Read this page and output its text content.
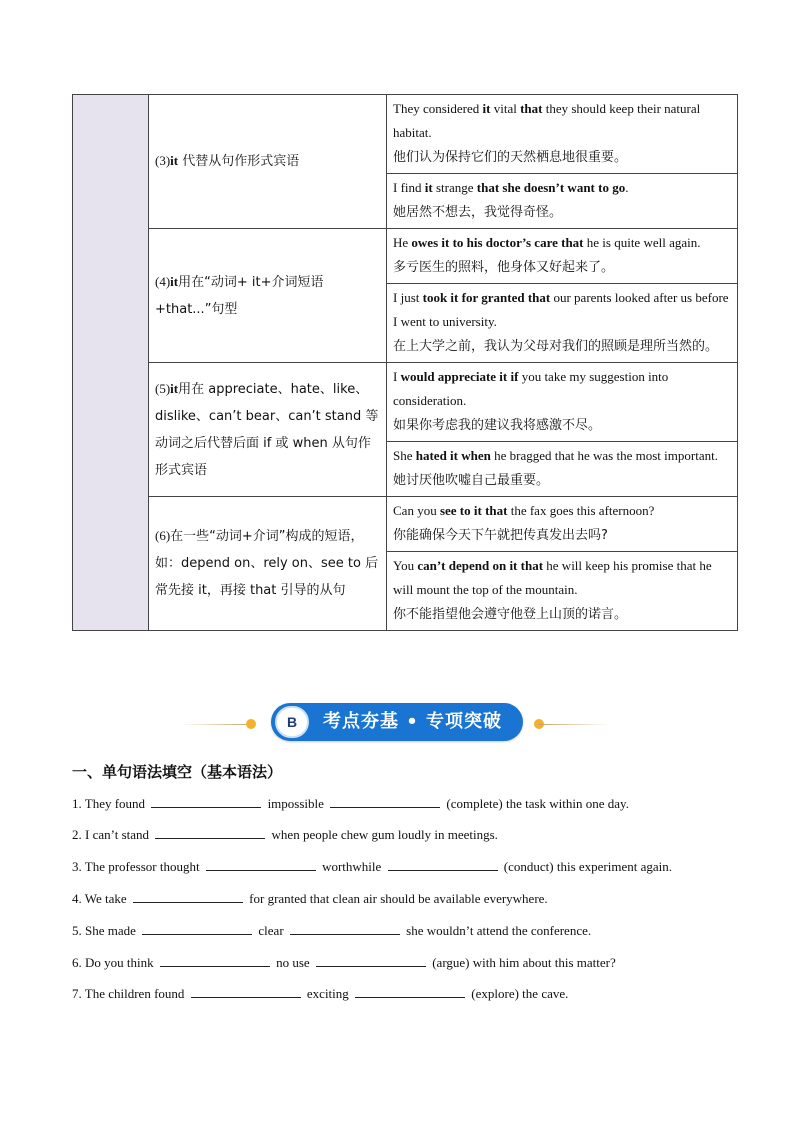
	(3)it 代替从句作形式宾语	They considered it vital that they should keep their natural habitat.
他们认为保持它们的天然栖息地很重要。

		I find it strange that she doesn’t want to go.
她居然不想去，我觉得奇怪。

	(4)it用在“动词+ it+介词短语+that...”句型	He owes it to his doctor’s care that he is quite well again.
多亏医生的照料，他身体又好起来了。

		I just took it for granted that our parents looked after us before I went to university.
在上大学之前，我认为父母对我们的照顾是理所当然的。

	(5)it用在 appreciate、hate、like、dislike、can’t bear、can’t stand 等动词之后代替后面 if 或 when 从句作形式宾语	I would appreciate it if you take my suggestion into consideration.
如果你考虑我的建议我将感激不尽。

		She hated it when he bragged that he was the most important.
她讨厌他吹嘘自己最重要。

	(6)在一些“动词+介词”构成的短语，如：depend on、rely on、see to 后常先接 it，再接 that 引导的从句	Can you see to it that the fax goes this afternoon?
你能确保今天下午就把传真发出去吗?

		You can’t depend on it that he will keep his promise that he will mount the top of the mountain.
你不能指望他会遵守他登上山顶的诺言。
B	考点夯基 • 专项突破
一、单句语法填空（基本语法）
1. They found	impossible	(complete) the task within one day.
2. I can’t stand	when people chew gum loudly in meetings.
3. The professor thought	worthwhile	(conduct) this experiment again.
4. We take	for granted that clean air should be available everywhere.
5. She made	clear	she wouldn’t attend the conference.
6. Do you think	no use	(argue) with him about this matter?
7. The children found	exciting	(explore) the cave.
